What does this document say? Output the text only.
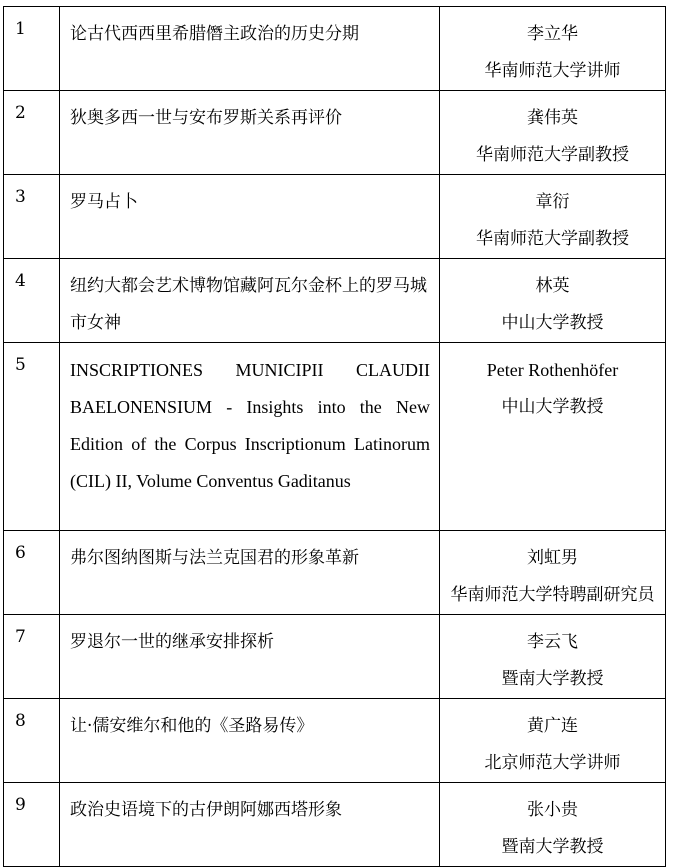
1	论古代西西里希腊僭主政治的历史分期	李立华
华南师范大学讲师

2	狄奥多西一世与安布罗斯关系再评价	龚伟英
华南师范大学副教授

3	罗马占卜	章衍
华南师范大学副教授

4	纽约大都会艺术博物馆藏阿瓦尔金杯上的罗马城市女神	林英
中山大学教授

5	INSCRIPTIONES MUNICIPII CLAUDII BAELONENSIUM - Insights into the New Edition of the Corpus Inscriptionum Latinorum (CIL) II, Volume Conventus Gaditanus	Peter Rothenhöfer
中山大学教授

6	弗尔图纳图斯与法兰克国君的形象革新	刘虹男
华南师范大学特聘副研究员

7	罗退尔一世的继承安排探析	李云飞
暨南大学教授

8	让·儒安维尔和他的《圣路易传》	黄广连
北京师范大学讲师

9	政治史语境下的古伊朗阿娜西塔形象	张小贵
暨南大学教授
